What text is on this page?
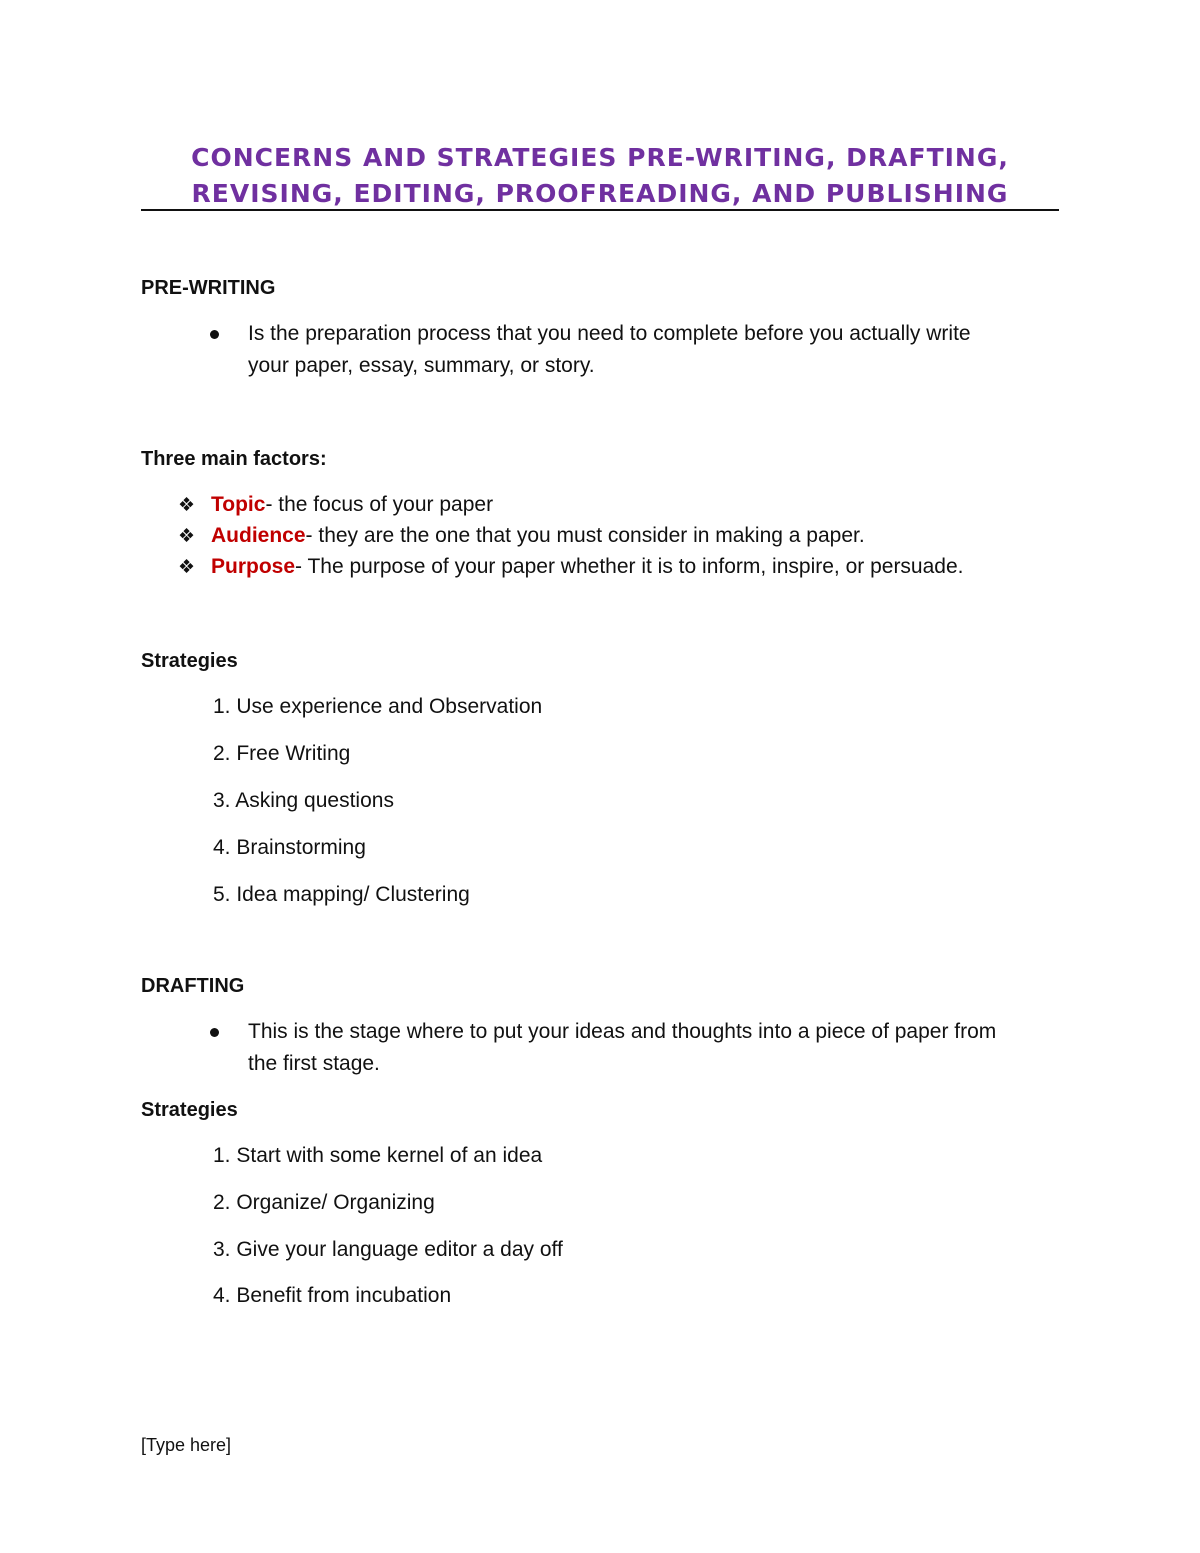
CONCERNS AND STRATEGIES PRE-WRITING, DRAFTING,
REVISING, EDITING, PROOFREADING, AND PUBLISHING
PRE-WRITING
Is the preparation process that you need to complete before you actually write
your paper, essay, summary, or story.
Three main factors:
❖ Topic- the focus of your paper
❖ Audience- they are the one that you must consider in making a paper.
❖ Purpose- The purpose of your paper whether it is to inform, inspire, or persuade.
Strategies
1. Use experience and Observation
2. Free Writing
3. Asking questions
4. Brainstorming
5. Idea mapping/ Clustering
DRAFTING
This is the stage where to put your ideas and thoughts into a piece of paper from
the first stage.
Strategies
1. Start with some kernel of an idea
2. Organize/ Organizing
3. Give your language editor a day off
4. Benefit from incubation
[Type here]
